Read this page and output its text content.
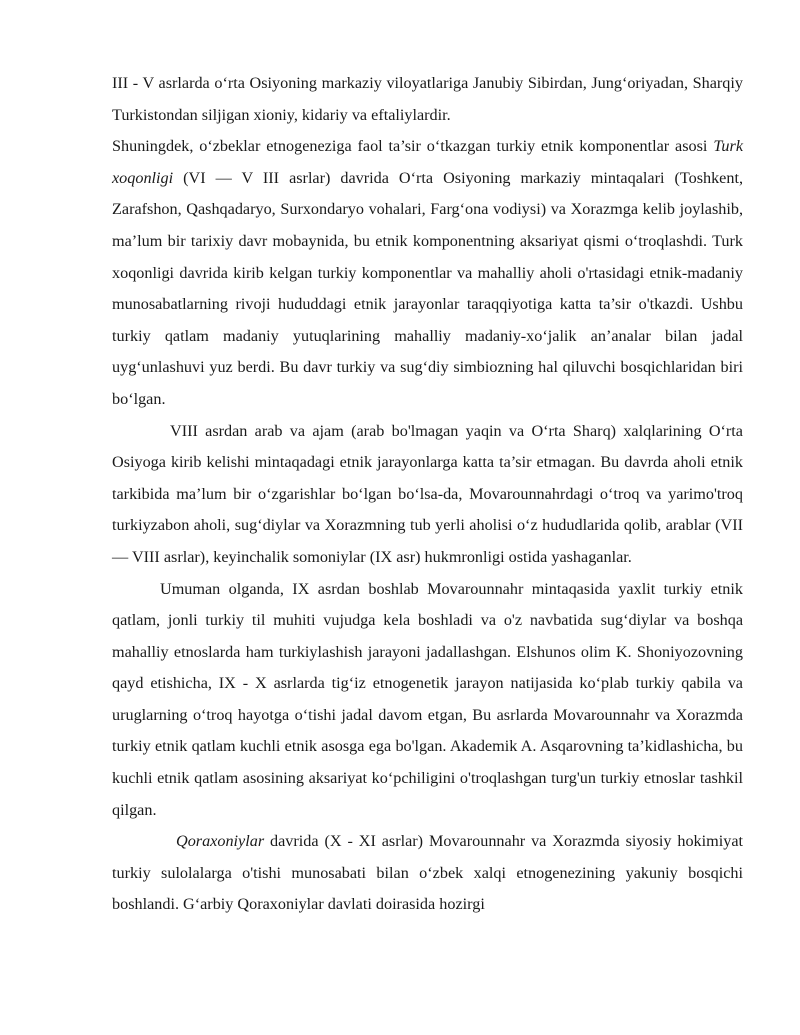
III - V asrlarda o‘rta Osiyoning markaziy viloyatlariga Janubiy Sibirdan, Jung‘oriyadan, Sharqiy Turkistondan siljigan xioniy, kidariy va eftaliylardir.

Shuningdek, o‘zbeklar etnogeneziga faol ta’sir o‘tkazgan turkiy etnik komponentlar asosi Turk xoqonligi (VI — V III asrlar) davrida O‘rta Osiyoning markaziy mintaqalari (Toshkent, Zarafshon, Qashqadaryo, Surxondaryo vohalari, Farg‘ona vodiysi) va Xorazmga kelib joylashib, ma’lum bir tarixiy davr mobaynida, bu etnik komponentning aksariyat qismi o‘troqlashdi. Turk xoqonligi davrida kirib kelgan turkiy komponentlar va mahalliy aholi o'rtasidagi etnik-madaniy munosabatlarning rivoji hududdagi etnik jarayonlar taraqqiyotiga katta ta’sir o'tkazdi. Ushbu turkiy qatlam madaniy yutuqlarining mahalliy madaniy-xo‘jalik an’analar bilan jadal uyg‘unlashuvi yuz berdi. Bu davr turkiy va sug‘diy simbiozning hal qiluvchi bosqichlaridan biri bo‘lgan.

VIII asrdan arab va ajam (arab bo'lmagan yaqin va O‘rta Sharq) xalqlarining O‘rta Osiyoga kirib kelishi mintaqadagi etnik jarayonlarga katta ta’sir etmagan. Bu davrda aholi etnik tarkibida ma’lum bir o‘zgarishlar bo‘lgan bo‘lsa-da, Movarounnahrdagi o‘troq va yarimo'troq turkiyzabon aholi, sug‘diylar va Xorazmning tub yerli aholisi o‘z hududlarida qolib, arablar (VII — VIII asrlar), keyinchalik somoniylar (IX asr) hukmronligi ostida yashaganlar.

Umuman olganda, IX asrdan boshlab Movarounnahr mintaqasida yaxlit turkiy etnik qatlam, jonli turkiy til muhiti vujudga kela boshladi va o'z navbatida sug‘diylar va boshqa mahalliy etnoslarda ham turkiylashish jarayoni jadallashgan. Elshunos olim K. Shoniyozovning qayd etishicha, IX - X asrlarda tig‘iz etnogenetik jarayon natijasida ko‘plab turkiy qabila va uruglarning o‘troq hayotga o‘tishi jadal davom etgan, Bu asrlarda Movarounnahr va Xorazmda turkiy etnik qatlam kuchli etnik asosga ega bo'lgan. Akademik A. Asqarovning ta’kidlashicha, bu kuchli etnik qatlam asosining aksariyat ko‘pchiligini o'troqlashgan turg'un turkiy etnoslar tashkil qilgan.

Qoraxoniylar davrida (X - XI asrlar) Movarounnahr va Xorazmda siyosiy hokimiyat turkiy sulolalarga o'tishi munosabati bilan o‘zbek xalqi etnogenezining yakuniy bosqichi boshlandi. G‘arbiy Qoraxoniylar davlati doirasida hozirgi
